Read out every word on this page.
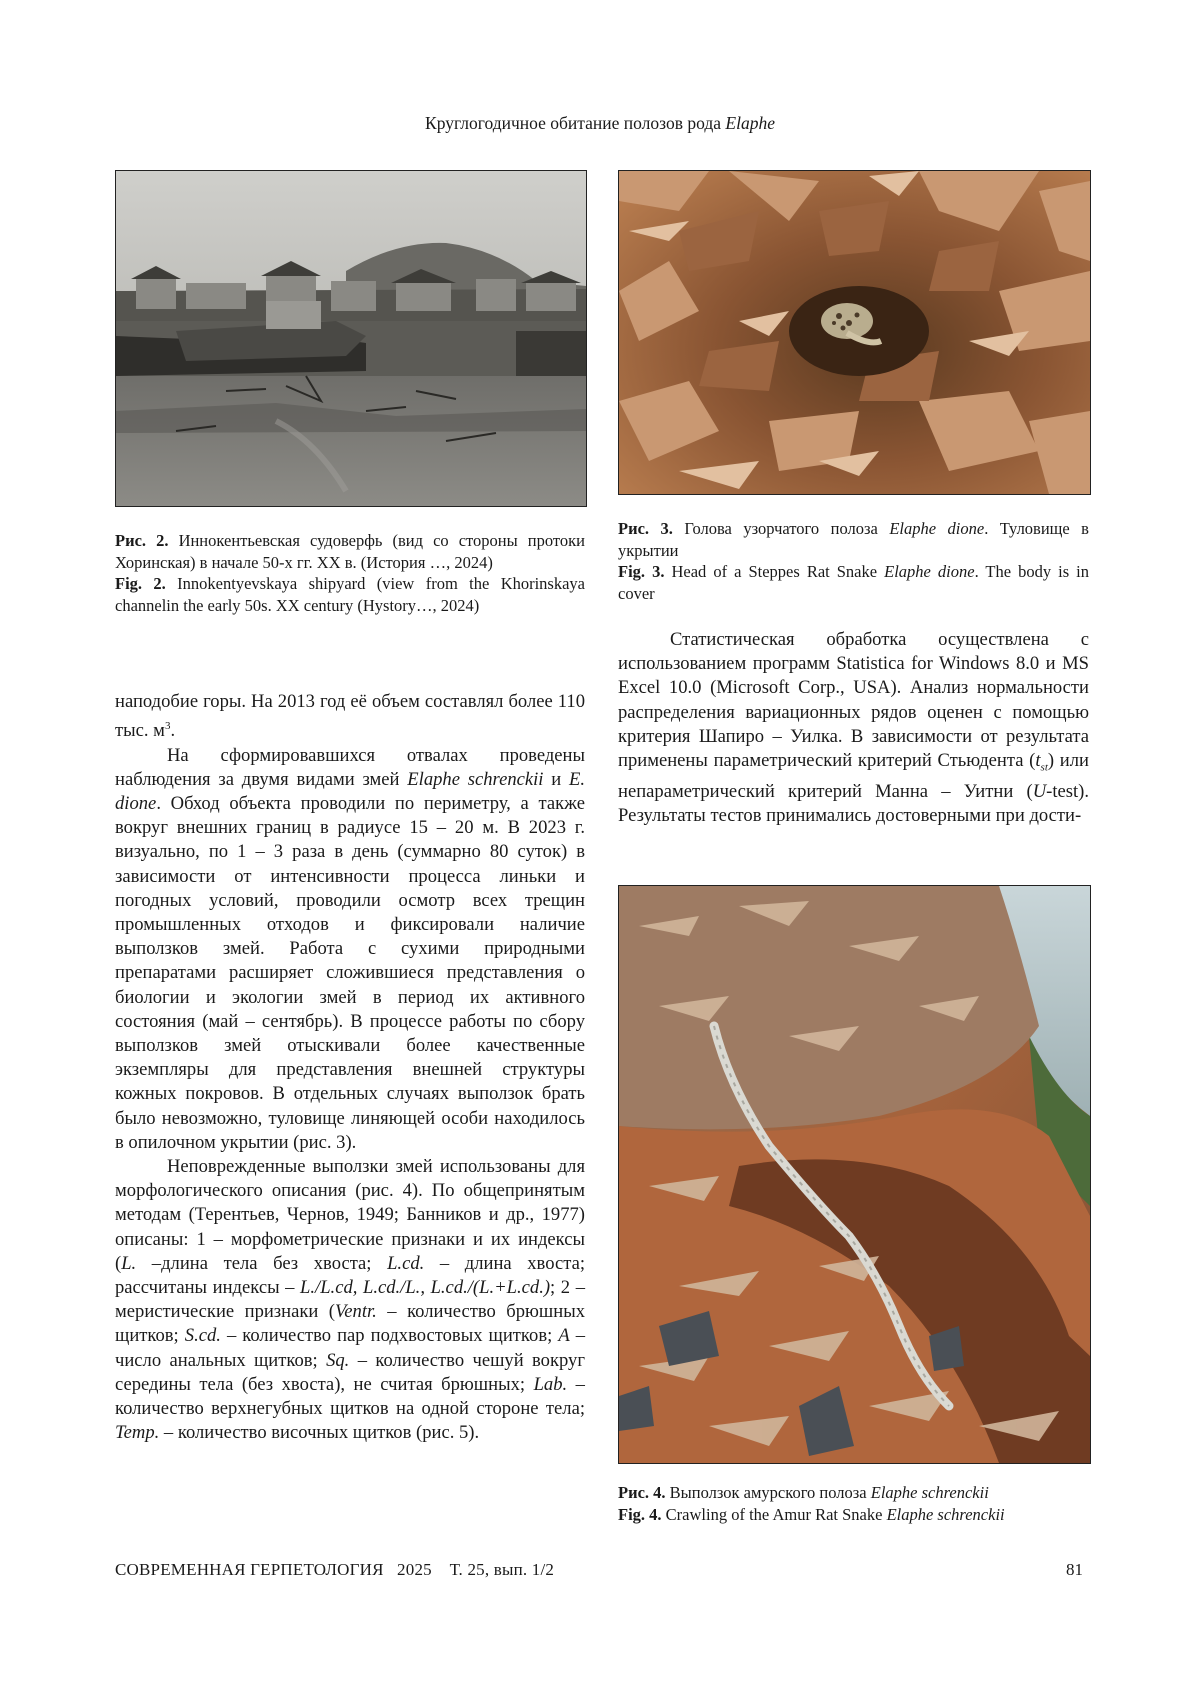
Круглогодичное обитание полозов рода Elaphe

Рис. 2. Иннокентьевская судоверфь (вид со стороны протоки Хоринская) в начале 50-х гг. XX в. (История …, 2024)

Fig. 2. Innokentyevskaya shipyard (view from the Khorinskaya channelin the early 50s. XX century (Hystory…, 2024)

Рис. 3. Голова узорчатого полоза Elaphe dione. Туловище в укрытии

Fig. 3. Head of a Steppes Rat Snake Elaphe dione. The body is in cover

наподобие горы. На 2013 год её объем составлял более 110 тыс. $м^3$.

На сформировавшихся отвалах проведены наблюдения за двумя видами змей Elaphe schrenckii и E. dione. Обход объекта проводили по периметру, а также вокруг внешних границ в радиусе 15 – 20 м. В 2023 г. визуально, по 1 – 3 раза в день (суммарно 80 суток) в зависимости от интенсивности процесса линьки и погодных условий, проводили осмотр всех трещин промышленных отходов и фиксировали наличие выползков змей. Работа с сухими природными препаратами расширяет сложившиеся представления о биологии и экологии змей в период их активного состояния (май – сентябрь). В процессе работы по сбору выползков змей отыскивали более качественные экземпляры для представления внешней структуры кожных покровов. В отдельных случаях выползок брать было невозможно, туловище линяющей особи находилось в опилочном укрытии (рис. 3).

Неповрежденные выползки змей использованы для морфологического описания (рис. 4). По общепринятым методам (Терентьев, Чернов, 1949; Банников и др., 1977) описаны: 1 – морфометрические признаки и их индексы (L. –длина тела без хвоста; L.cd. – длина хвоста; рассчитаны индексы – L./L.cd, L.cd./L., L.cd./(L.+L.cd.); 2 – меристические признаки (Ventr. – количество брюшных щитков; S.cd. – количество пар подхвостовых щитков; A – число анальных щитков; Sq. – количество чешуй вокруг середины тела (без хвоста), не считая брюшных; Lab. – количество верхнегубных щитков на одной стороне тела; Temp. – количество височных щитков (рис. 5).

Статистическая обработка осуществлена с использованием программ Statistica for Windows 8.0 и MS Excel 10.0 (Microsoft Corp., USA). Анализ нормальности распределения вариационных рядов оценен с помощью критерия Шапиро – Уилка. В зависимости от результата применены параметрический критерий Стьюдента $(t_{st})$ или непараметрический критерий Манна – Уитни (U-test). Результаты тестов принимались достоверными при дости-

Рис. 4. Выползок амурского полоза Elaphe schrenckii

Fig. 4. Crawling of the Amur Rat Snake Elaphe schrenckii

СОВРЕМЕННАЯ ГЕРПЕТОЛОГИЯ 2025 Т. 25, вып. 1/2	81
